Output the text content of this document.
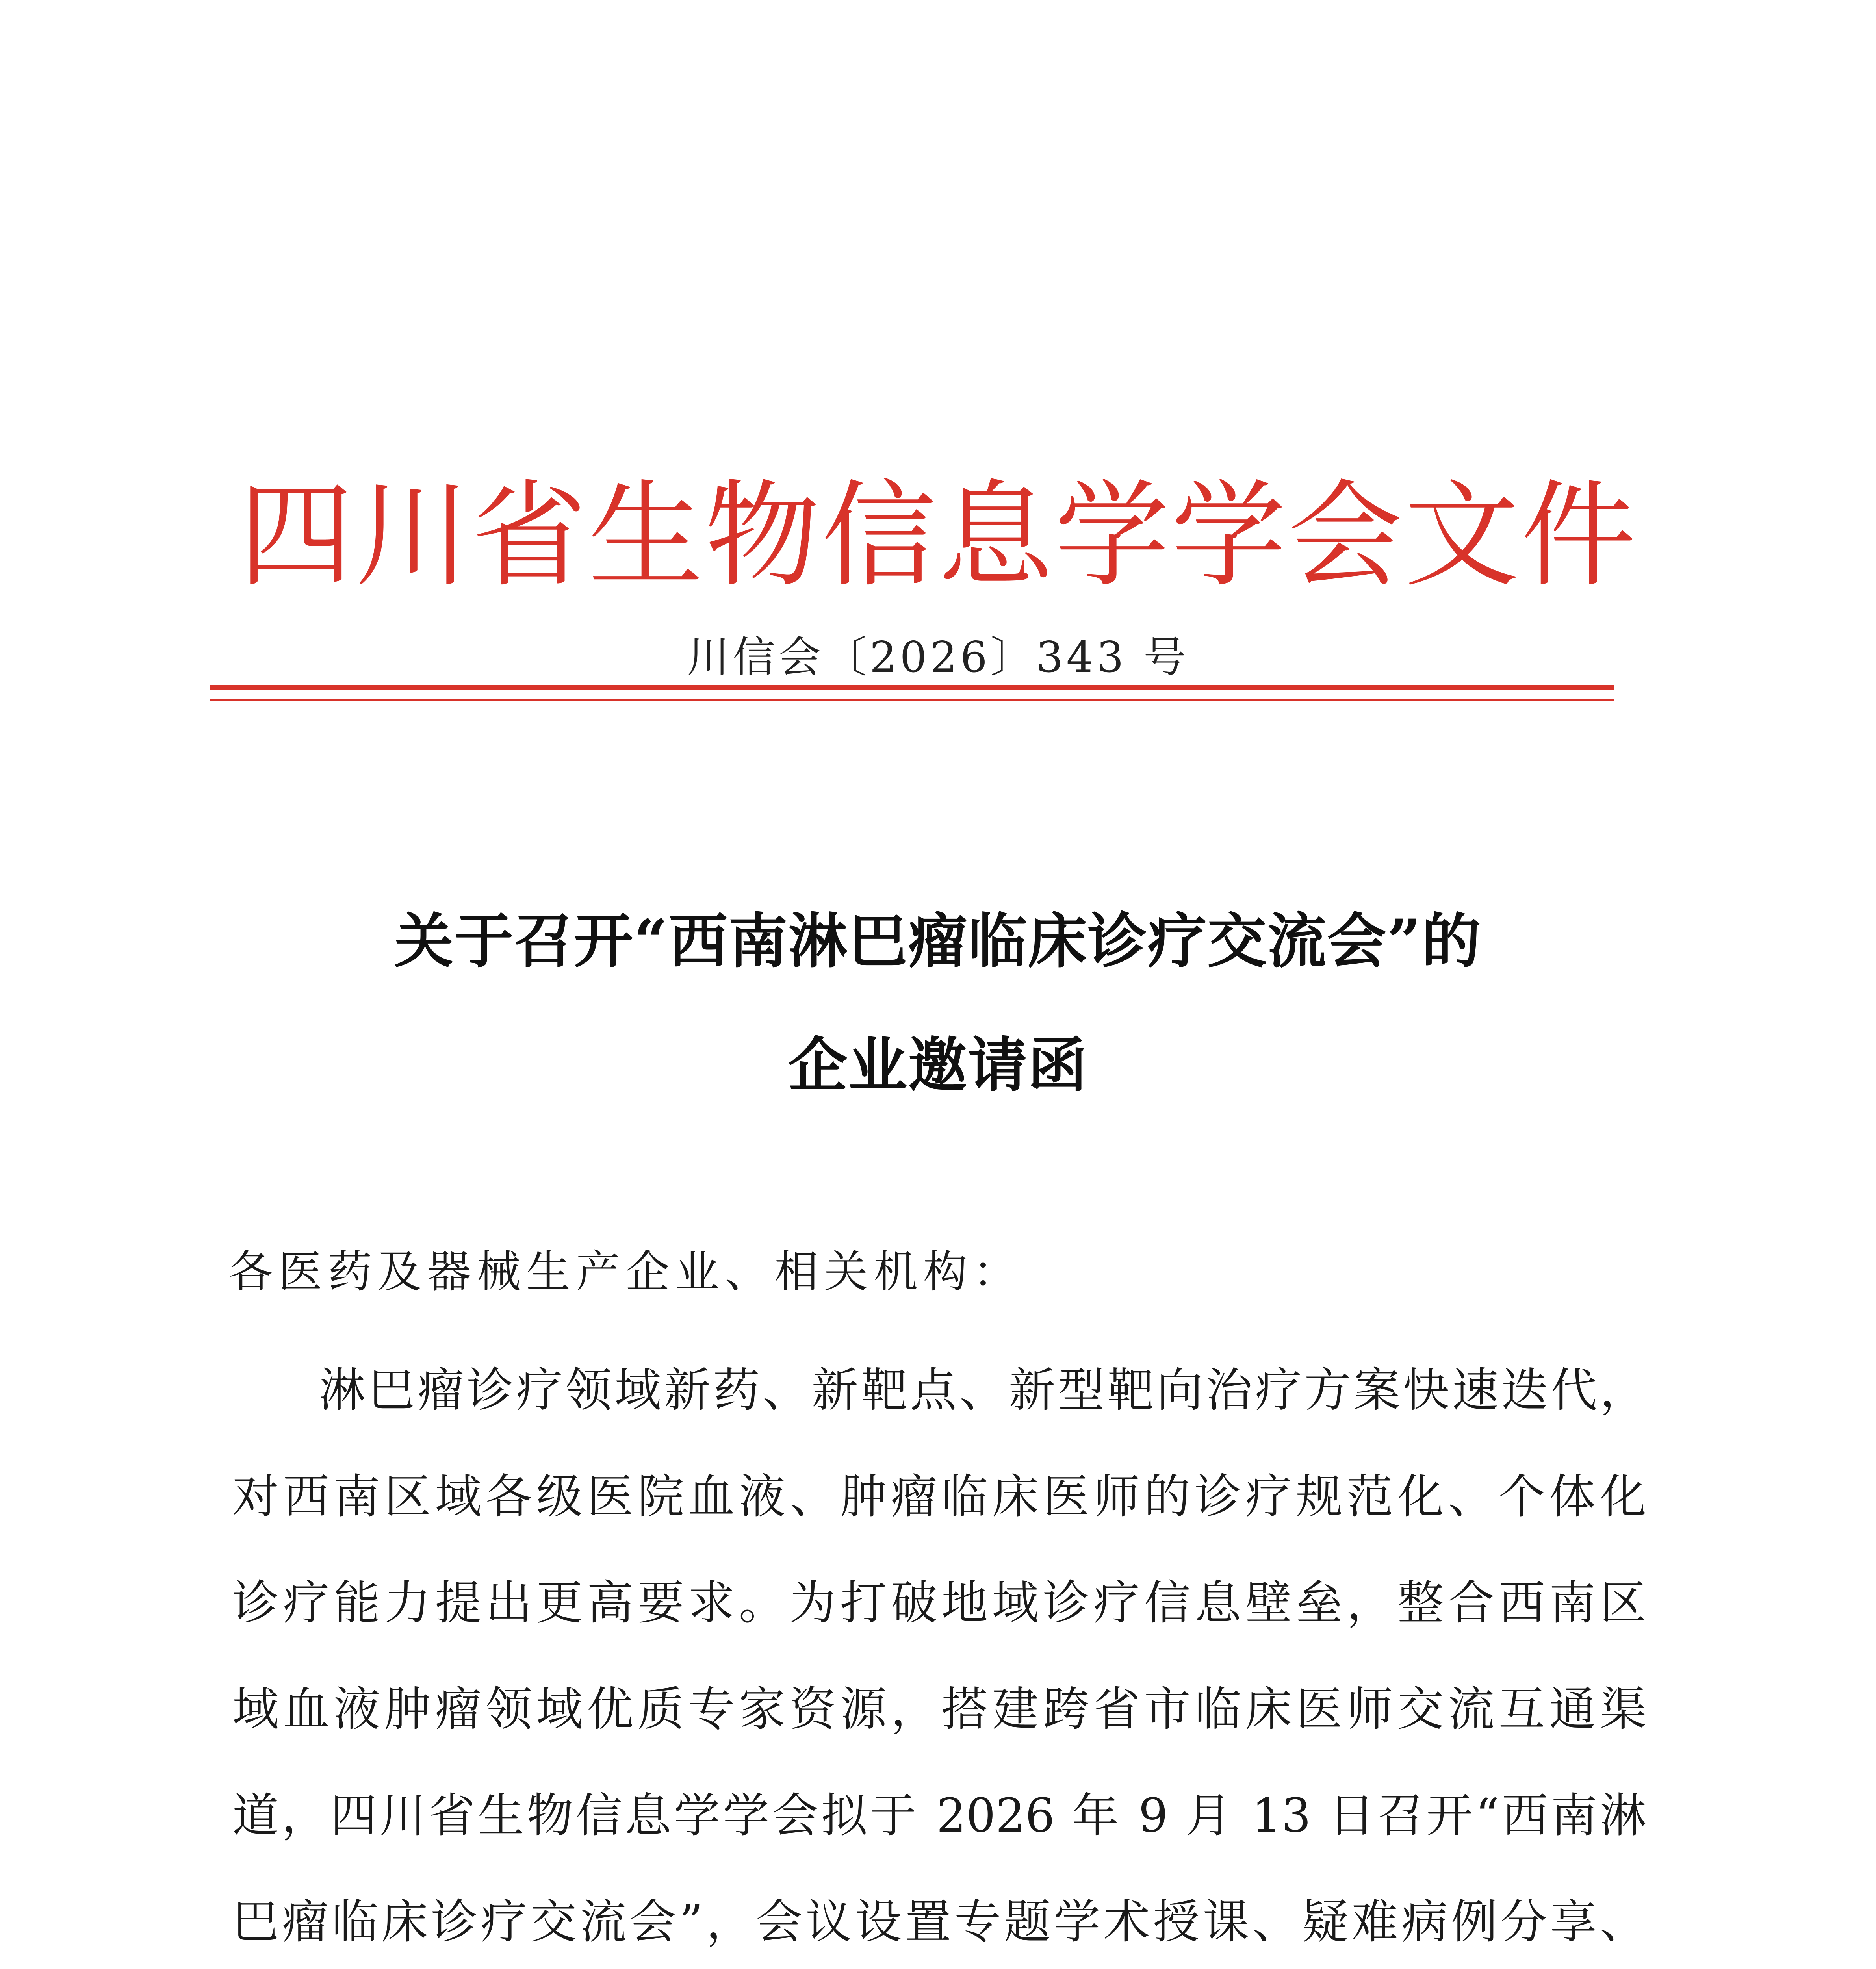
四川省生物信息学学会文件
川信会〔2026〕343 号
关于召开“西南淋巴瘤临床诊疗交流会”的
企业邀请函
各医药及器械生产企业、相关机构：
淋巴瘤诊疗领域新药、新靶点、新型靶向治疗方案快速迭代，
对西南区域各级医院血液、肿瘤临床医师的诊疗规范化、个体化
诊疗能力提出更高要求。为打破地域诊疗信息壁垒，整合西南区
域血液肿瘤领域优质专家资源，搭建跨省市临床医师交流互通渠
道，四川省生物信息学学会拟于 2026 年 9 月 13 日召开“西南淋
巴瘤临床诊疗交流会”，会议设置专题学术授课、疑难病例分享、
